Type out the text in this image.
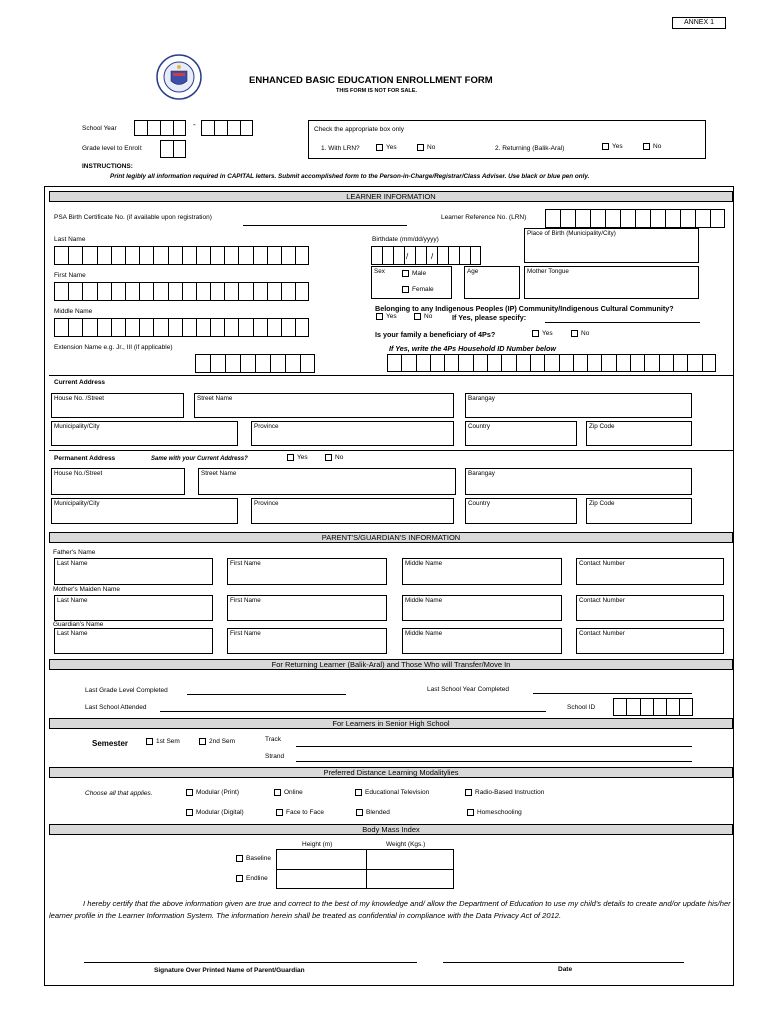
ANNEX 1
ENHANCED BASIC EDUCATION ENROLLMENT FORM
THIS FORM IS NOT FOR SALE.
School Year	-
Grade level to Enroll:
Check the appropriate box only
1. With LRN?	Yes	No	2. Returning (Balik-Aral)	Yes	No
INSTRUCTIONS:
Print legibly all information required in CAPITAL letters. Submit accomplished form to the Person-in-Charge/Registrar/Class Adviser. Use black or blue pen only.
LEARNER INFORMATION
PSA Birth Certificate No. (if available upon registration)	Learner Reference No. (LRN)
Last Name
First Name
Middle Name
Extension Name e.g. Jr., III (if applicable)
Birthdate (mm/dd/yyyy)
/	/
Place of Birth (Municipality/City)
Sex	Male
Female
Age	Mother Tongue
Belonging to any Indigenous Peoples (IP) Community/Indigenous Cultural Community?
Yes	No	If Yes, please specify:
Is your family a beneficiary of 4Ps?	Yes	No
If Yes, write the 4Ps Household ID Number below
Current Address
House No. /Street	Street Name	Barangay
Municipality/City	Province	Country	Zip Code
Permanent Address	Same with your Current Address?	Yes	No
House No./Street	Street Name	Barangay
Municipality/City	Province	Country	Zip Code
PARENT'S/GUARDIAN'S INFORMATION
Father's Name
Last Name	First Name	Middle Name	Contact Number
Mother's Maiden Name
Last Name	First Name	Middle Name	Contact Number
Guardian's Name
Last Name	First Name	Middle Name	Contact Number
For Returning Learner (Balik-Aral) and Those Who will Transfer/Move In
Last Grade Level Completed	Last School Year Completed
Last School Attended	School ID
For Learners in Senior High School
Semester	1st Sem	2nd Sem	Track
Strand
Preferred Distance Learning Modalitylies
Choose all that applies.	Modular (Print)	Online	Educational Television	Radio-Based Instruction
Modular (Digital)	Face to Face	Blended	Homeschooling
Body Mass Index
Height (m)	Weight (Kgs.)
Baseline
Endline
I hereby certify that the above information given are true and correct to the best of my knowledge and/ allow the Department of Education to use my child's details to create and/or update his/her learner profile in the Learner Information System. The information herein shall be treated as confidential in compliance with the Data Privacy Act of 2012.
Signature Over Printed Name of Parent/Guardian	Date
